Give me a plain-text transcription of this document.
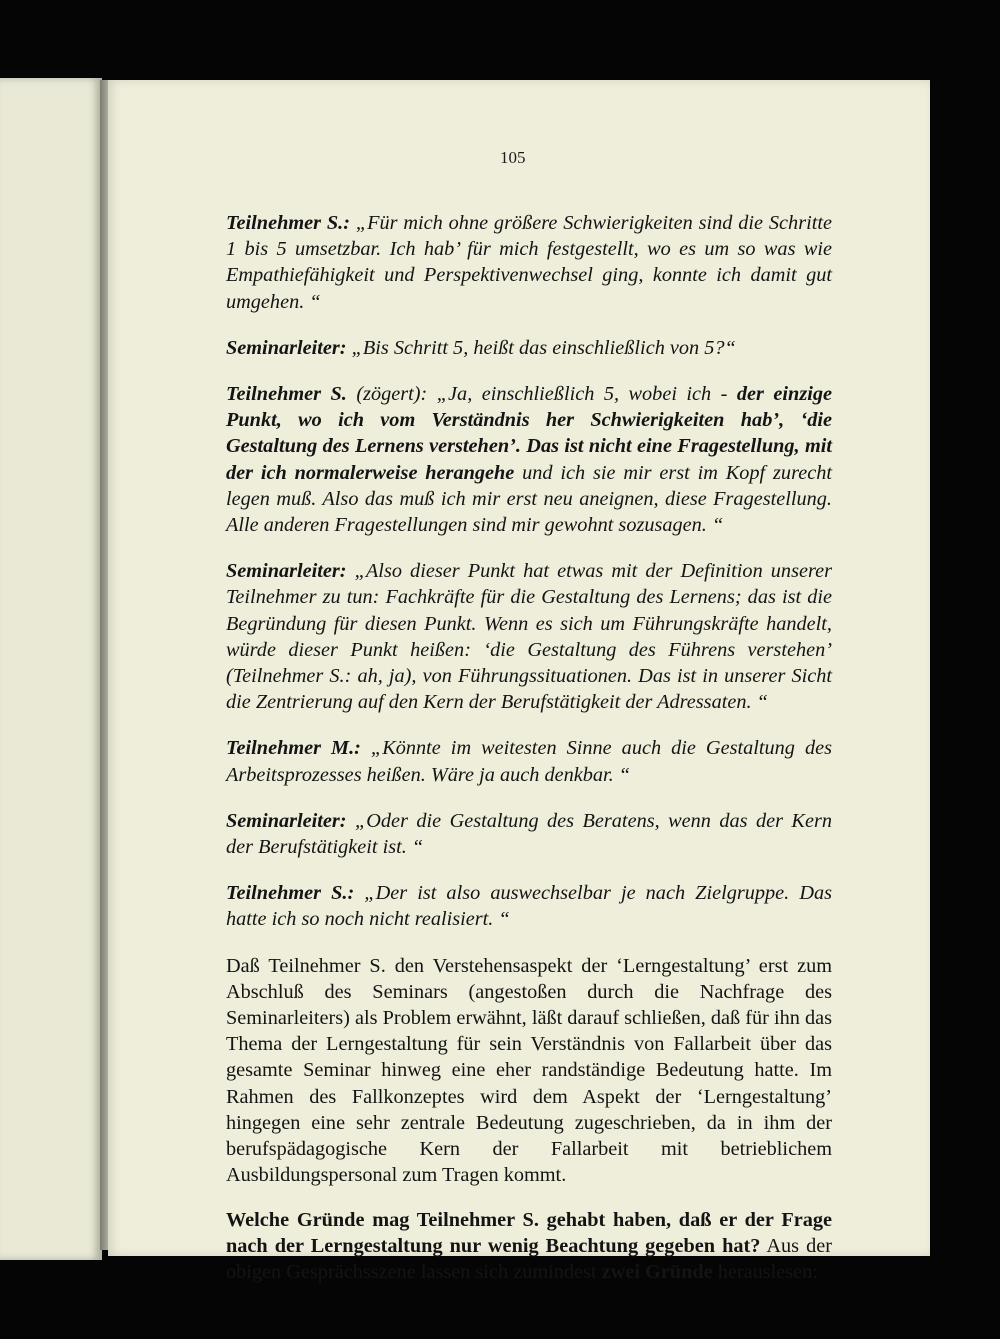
105

Teilnehmer S.: „Für mich ohne größere Schwierigkeiten sind die Schritte 1 bis 5 umsetzbar. Ich hab’ für mich festgestellt, wo es um so was wie Empathiefähigkeit und Perspektivenwechsel ging, konnte ich damit gut umgehen. “

Seminarleiter: „Bis Schritt 5, heißt das einschließlich von 5?“

Teilnehmer S. (zögert): „Ja, einschließlich 5, wobei ich - der einzige Punkt, wo ich vom Verständnis her Schwierigkeiten hab’, ‘die Gestaltung des Lernens verstehen’. Das ist nicht eine Fragestellung, mit der ich normalerweise herangehe und ich sie mir erst im Kopf zurecht legen muß. Also das muß ich mir erst neu aneignen, diese Fragestellung. Alle anderen Fragestellungen sind mir gewohnt sozusagen. “

Seminarleiter: „Also dieser Punkt hat etwas mit der Definition unserer Teilnehmer zu tun: Fachkräfte für die Gestaltung des Lernens; das ist die Begründung für diesen Punkt. Wenn es sich um Führungskräfte handelt, würde dieser Punkt heißen: ‘die Gestaltung des Führens verstehen’ (Teilnehmer S.: ah, ja), von Führungssituationen. Das ist in unserer Sicht die Zentrierung auf den Kern der Berufstätigkeit der Adressaten. “

Teilnehmer M.: „Könnte im weitesten Sinne auch die Gestaltung des Arbeitsprozesses heißen. Wäre ja auch denkbar. “

Seminarleiter: „Oder die Gestaltung des Beratens, wenn das der Kern der Berufstätigkeit ist. “

Teilnehmer S.: „Der ist also auswechselbar je nach Zielgruppe. Das hatte ich so noch nicht realisiert. “

Daß Teilnehmer S. den Verstehensaspekt der ‘Lerngestaltung’ erst zum Abschluß des Seminars (angestoßen durch die Nachfrage des Seminarleiters) als Problem erwähnt, läßt darauf schließen, daß für ihn das Thema der Lerngestaltung für sein Verständnis von Fallarbeit über das gesamte Seminar hinweg eine eher randständige Bedeutung hatte. Im Rahmen des Fallkonzeptes wird dem Aspekt der ‘Lerngestaltung’ hingegen eine sehr zentrale Bedeutung zugeschrieben, da in ihm der berufspädagogische Kern der Fallarbeit mit betrieblichem Ausbildungspersonal zum Tragen kommt.

Welche Gründe mag Teilnehmer S. gehabt haben, daß er der Frage nach der Lerngestaltung nur wenig Beachtung gegeben hat? Aus der obigen Gesprächsszene lassen sich zumindest zwei Gründe herauslesen:
